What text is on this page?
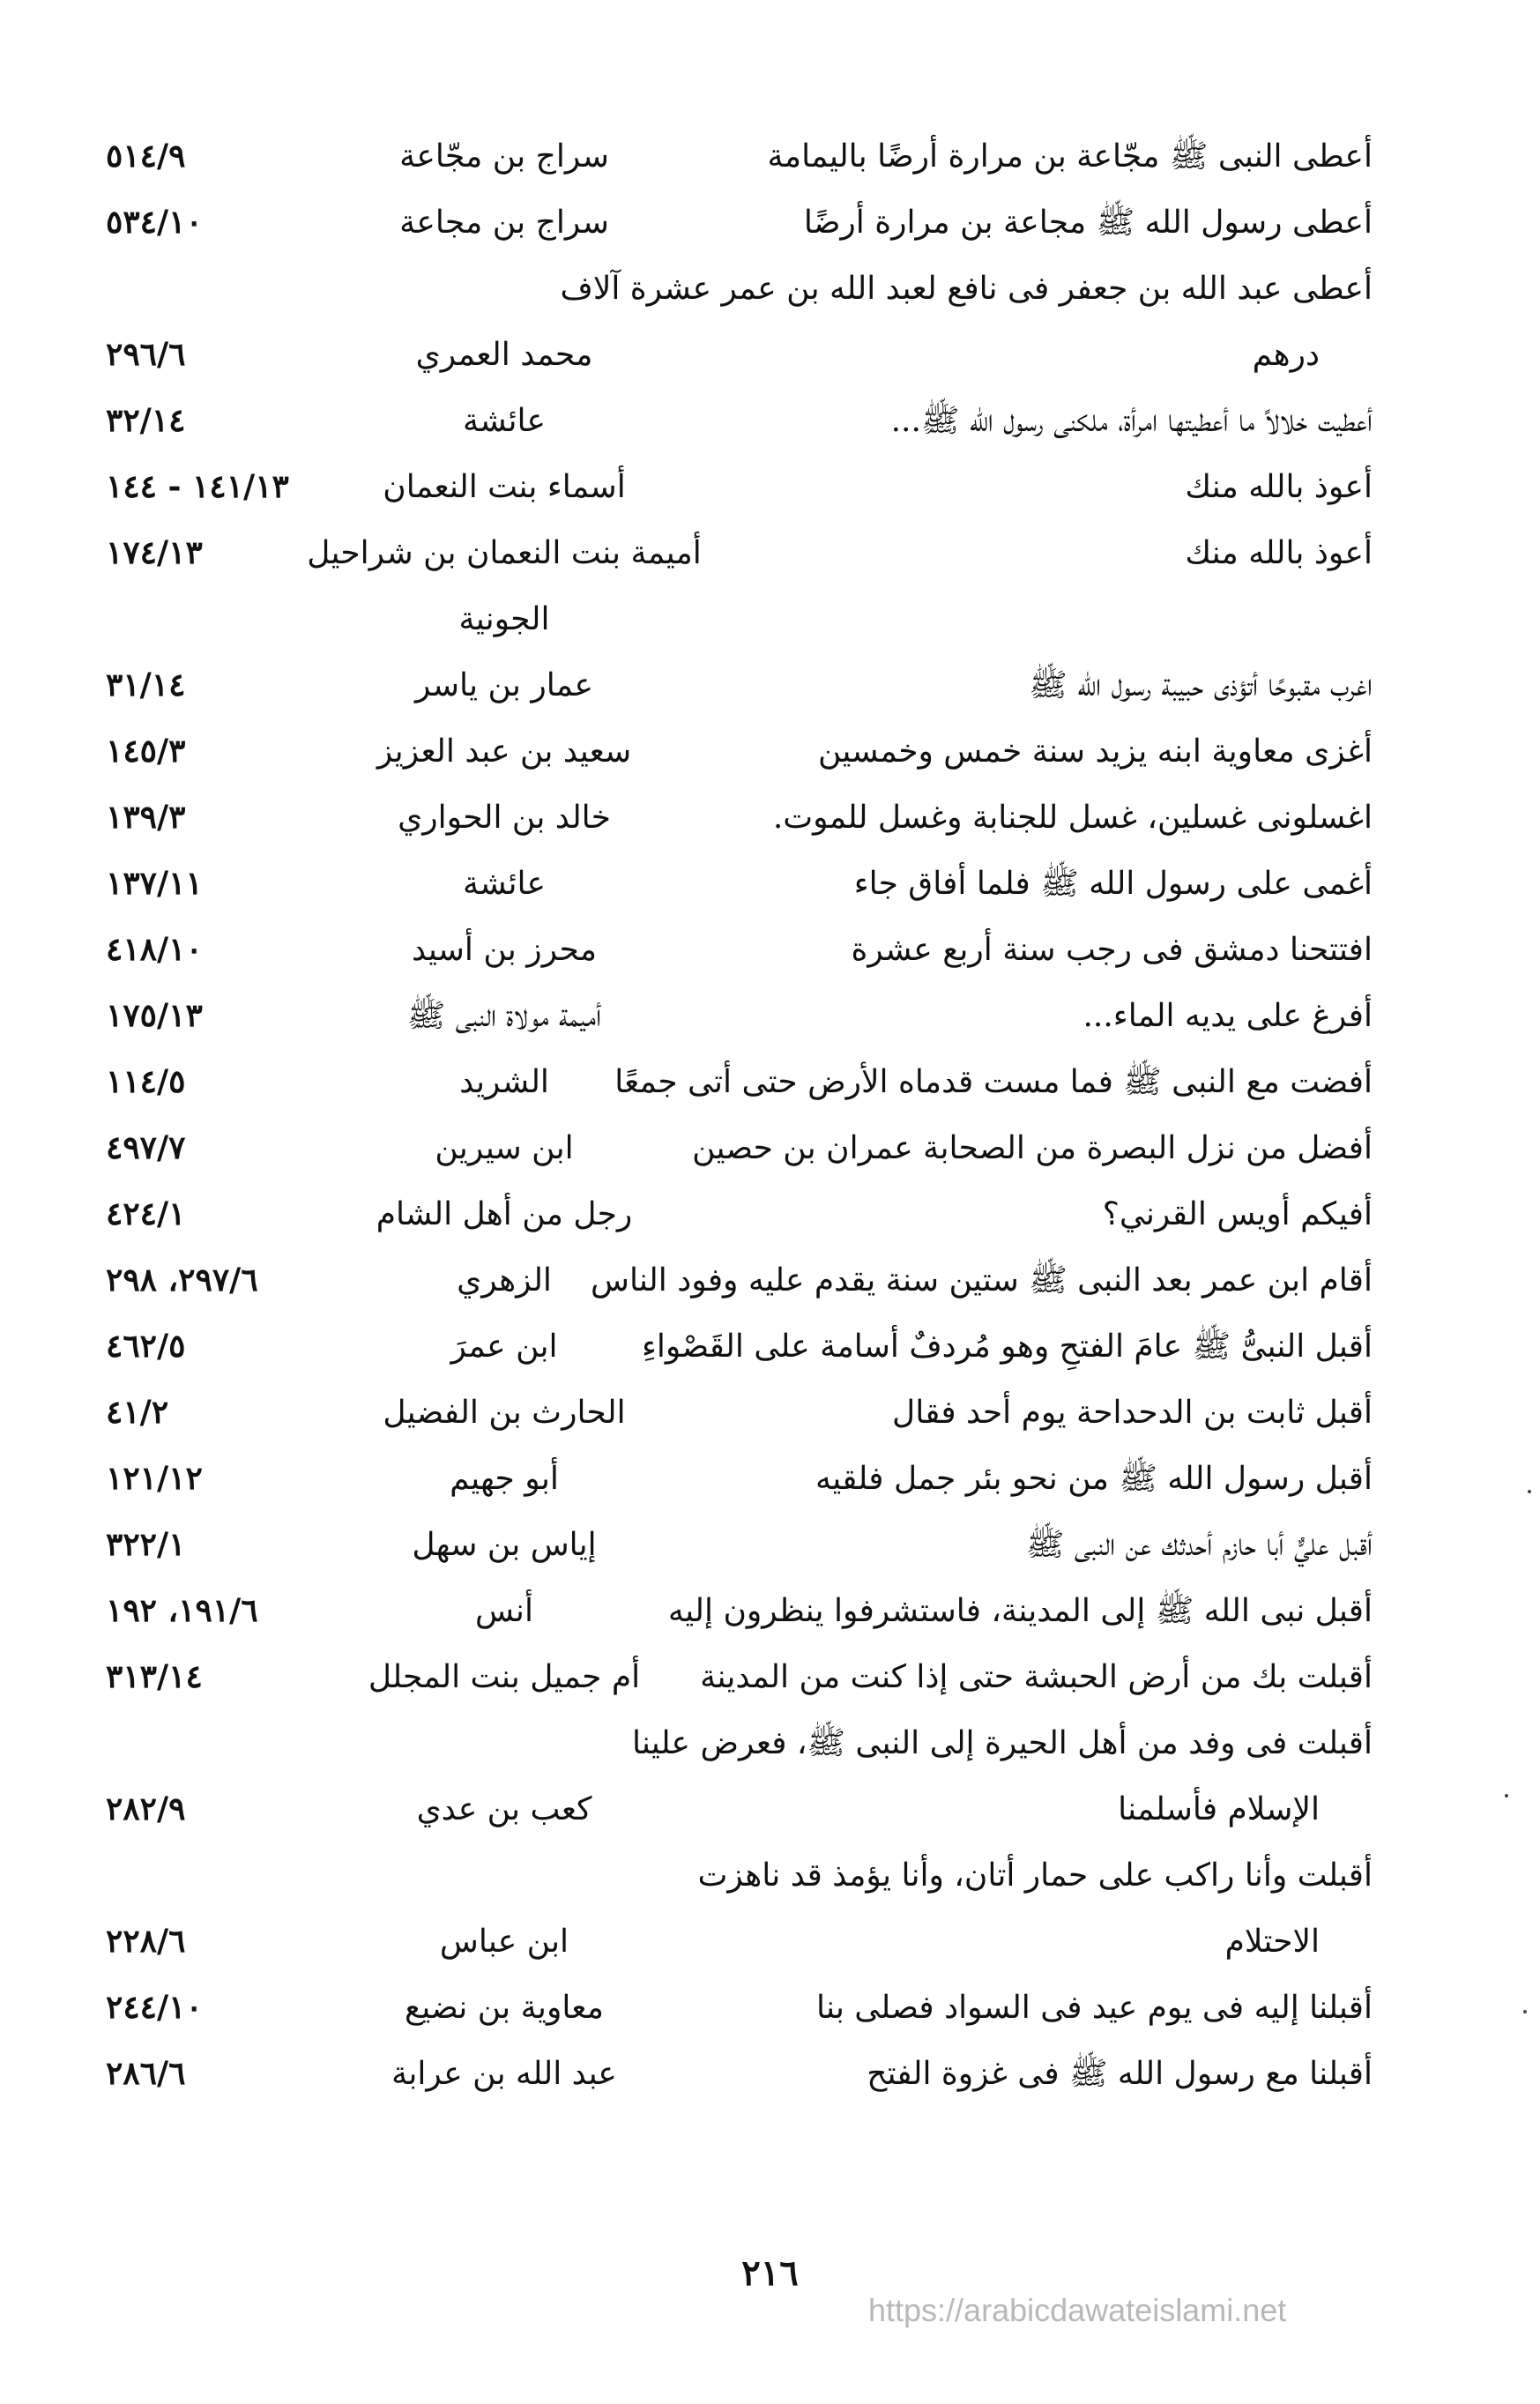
أعطى النبى ﷺ مجّاعة بن مرارة أرضًا باليمامة
سراج بن مجّاعة
٥١٤/٩
أعطى رسول الله ﷺ مجاعة بن مرارة أرضًا
سراج بن مجاعة
٥٣٤/١٠
أعطى عبد الله بن جعفر فى نافع لعبد الله بن عمر عشرة آلاف
درهم
محمد العمري
٢٩٦/٦
أعطيت خلالاً ما أعطيتها امرأة، ملكنى رسول الله ﷺ...
عائشة
٣٢/١٤
أعوذ بالله منك
أسماء بنت النعمان
١٤١/١٣ - ١٤٤
أعوذ بالله منك
أميمة بنت النعمان بن شراحيل
١٧٤/١٣
الجونية
اغرب مقبوحًا أتؤذى حبيبة رسول الله ﷺ
عمار بن ياسر
٣١/١٤
أغزى معاوية ابنه يزيد سنة خمس وخمسين
سعيد بن عبد العزيز
١٤٥/٣
اغسلونى غسلين، غسل للجنابة وغسل للموت.
خالد بن الحواري
١٣٩/٣
أغمى على رسول الله ﷺ فلما أفاق جاء
عائشة
١٣٧/١١
افتتحنا دمشق فى رجب سنة أربع عشرة
محرز بن أسيد
٤١٨/١٠
أفرغ على يديه الماء...
أميمة مولاة النبى ﷺ
١٧٥/١٣
أفضت مع النبى ﷺ فما مست قدماه الأرض حتى أتى جمعًا
الشريد
١١٤/٥
أفضل من نزل البصرة من الصحابة عمران بن حصين
ابن سيرين
٤٩٧/٧
أفيكم أويس القرني؟
رجل من أهل الشام
٤٢٤/١
أقام ابن عمر بعد النبى ﷺ ستين سنة يقدم عليه وفود الناس
الزهري
٢٩٧/٦، ٢٩٨
أقبل النبىُّ ﷺ عامَ الفتحِ وهو مُردفٌ أسامة على القَصْواءِ
ابن عمرَ
٤٦٢/٥
أقبل ثابت بن الدحداحة يوم أحد فقال
الحارث بن الفضيل
٤١/٢
أقبل رسول الله ﷺ من نحو بئر جمل فلقيه
أبو جهيم
١٢١/١٢
أقبل عليٌّ أبا حازم أحدثك عن النبى ﷺ
إياس بن سهل
٣٢٢/١
أقبل نبى الله ﷺ إلى المدينة، فاستشرفوا ينظرون إليه
أنس
١٩١/٦، ١٩٢
أقبلت بك من أرض الحبشة حتى إذا كنت من المدينة
أم جميل بنت المجلل
٣١٣/١٤
أقبلت فى وفد من أهل الحيرة إلى النبى ﷺ، فعرض علينا
الإسلام فأسلمنا
كعب بن عدي
٢٨٢/٩
أقبلت وأنا راكب على حمار أتان، وأنا يؤمذ قد ناهزت
الاحتلام
ابن عباس
٢٢٨/٦
أقبلنا إليه فى يوم عيد فى السواد فصلى بنا
معاوية بن نضيع
٢٤٤/١٠
أقبلنا مع رسول الله ﷺ فى غزوة الفتح
عبد الله بن عرابة
٢٨٦/٦
٢١٦
https://arabicdawateislami.net
